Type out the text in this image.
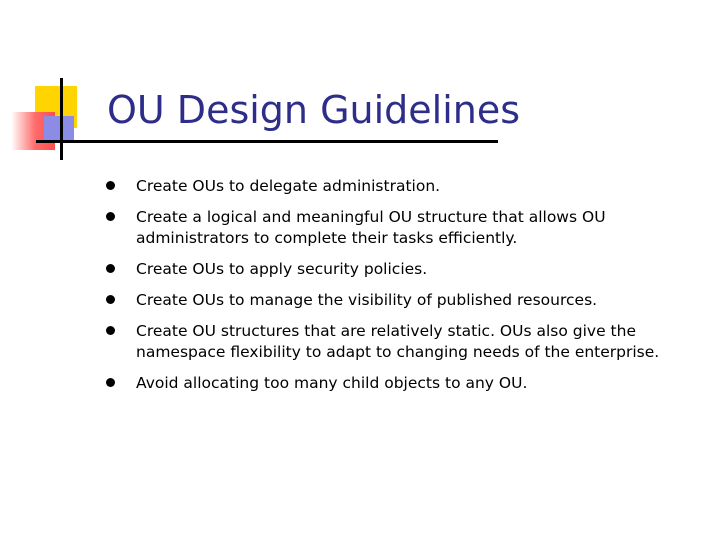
OU Design Guidelines
Create OUs to delegate administration.
Create a logical and meaningful OU structure that allows OU administrators to complete their tasks efficiently.
Create OUs to apply security policies.
Create OUs to manage the visibility of published resources.
Create OU structures that are relatively static. OUs also give the namespace flexibility to adapt to changing needs of the enterprise.
Avoid allocating too many child objects to any OU.
